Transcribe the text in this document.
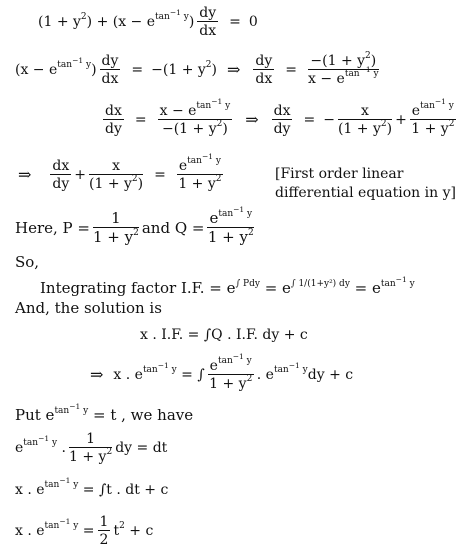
$(1 + y^2) + (x - e^{tan^{-1} y}) \frac{dy}{dx} = 0$
$(x - e^{tan^{-1} y}) \frac{dy}{dx} = -(1 + y^2)$ ⇒ $\frac{dy}{dx} = \frac{-(1 + y^2)}{x - e^{tan^{-1} y}}$
$\frac{dx}{dy} = \frac{x - e^{tan^{-1} y}}{-(1 + y^2)}$ ⇒ $\frac{dx}{dy}$ = − $\frac{x}{(1 + y^2)} + \frac{e^{tan^{-1} y}}{1 + y^2}$
⇒ $\frac{dx}{dy} + \frac{x}{(1 + y^2)} = \frac{e^{tan^{-1} y}}{1 + y^2}$	[First order linear differential equation in y]
Here, $P = \frac{1}{1 + y^2}$ and $Q = \frac{e^{tan^{-1} y}}{1 + y^2}$
So,
Integrating factor I.F. = $e^{\int Pdy} = e^{\int 1/(1+y^2) dy} = e^{tan^{-1} y}$
And, the solution is
x . I.F. = ∫Q . I.F. dy + c
⇒ x . $e^{tan^{-1} y}$ = ∫ $\frac{e^{tan^{-1} y}}{1 + y^2}$ . $e^{tan^{-1} y}dy + c$
Put $e^{tan^{-1} y} = t$ , we have
$e^{tan^{-1} y}$ . $\frac{1}{1 + y^2}$ dy = dt
x . $e^{tan^{-1} y} = \int t$ . dt + c
x . $e^{tan^{-1} y} = \frac{1}{2} t^2 + c$
